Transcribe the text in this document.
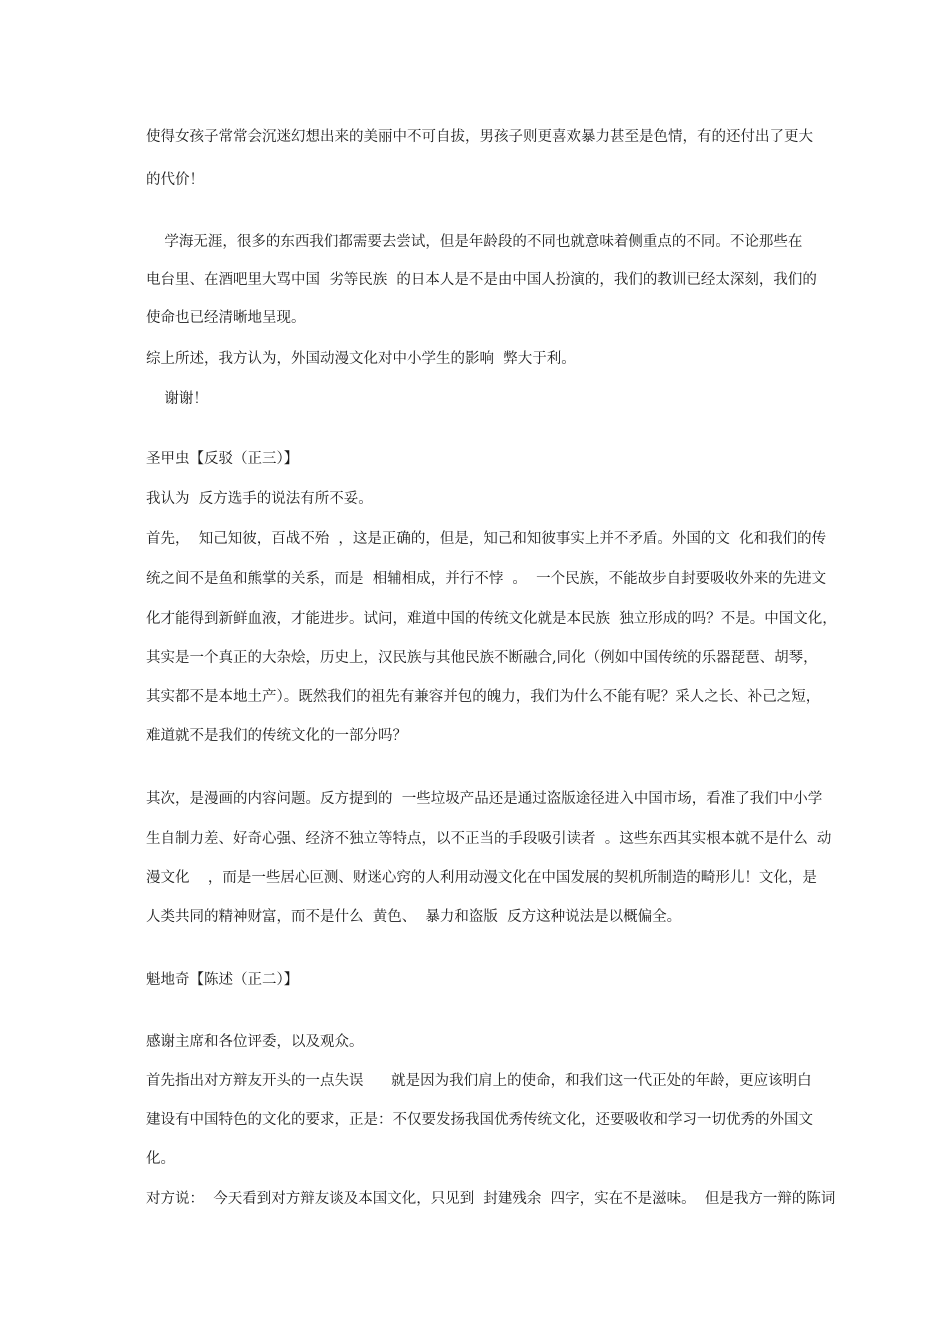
使得女孩子常常会沉迷幻想出来的美丽中不可自拔，男孩子则更喜欢暴力甚至是色情，有的还付出了更大

的代价！

学海无涯，很多的东西我们都需要去尝试，但是年龄段的不同也就意味着侧重点的不同。不论那些在

电台里、在酒吧里大骂中国  劣等民族  的日本人是不是由中国人扮演的，我们的教训已经太深刻，我们的

使命也已经清晰地呈现。

综上所述，我方认为，外国动漫文化对中小学生的影响  弊大于利。

谢谢！

圣甲虫【反驳（正三）】

我认为  反方选手的说法有所不妥。

首先，  知己知彼，百战不殆  ，这是正确的，但是，知己和知彼事实上并不矛盾。外国的文  化和我们的传

统之间不是鱼和熊掌的关系，而是  相辅相成，并行不悖  。  一个民族，不能故步自封要吸收外来的先进文

化才能得到新鲜血液，才能进步。试问，难道中国的传统文化就是本民族  独立形成的吗？不是。中国文化，

其实是一个真正的大杂烩，历史上，汉民族与其他民族不断融合,同化（例如中国传统的乐器琵琶、胡琴，

其实都不是本地土产）。既然我们的祖先有兼容并包的魄力，我们为什么不能有呢？采人之长、补己之短，

难道就不是我们的传统文化的一部分吗？

其次，是漫画的内容问题。反方提到的  一些垃圾产品还是通过盗版途径进入中国市场，看准了我们中小学

生自制力差、好奇心强、经济不独立等特点，以不正当的手段吸引读者  。这些东西其实根本就不是什么  动

漫文化    ，而是一些居心叵测、财迷心窍的人利用动漫文化在中国发展的契机所制造的畸形儿！文化，是

人类共同的精神财富，而不是什么  黄色、  暴力和盗版  反方这种说法是以概偏全。

魁地奇【陈述（正二）】

感谢主席和各位评委，以及观众。

首先指出对方辩友开头的一点失误      就是因为我们肩上的使命，和我们这一代正处的年龄，更应该明白

建设有中国特色的文化的要求，正是：不仅要发扬我国优秀传统文化，还要吸收和学习一切优秀的外国文

化。

对方说：  今天看到对方辩友谈及本国文化，只见到  封建残余  四字，实在不是滋味。  但是我方一辩的陈词
